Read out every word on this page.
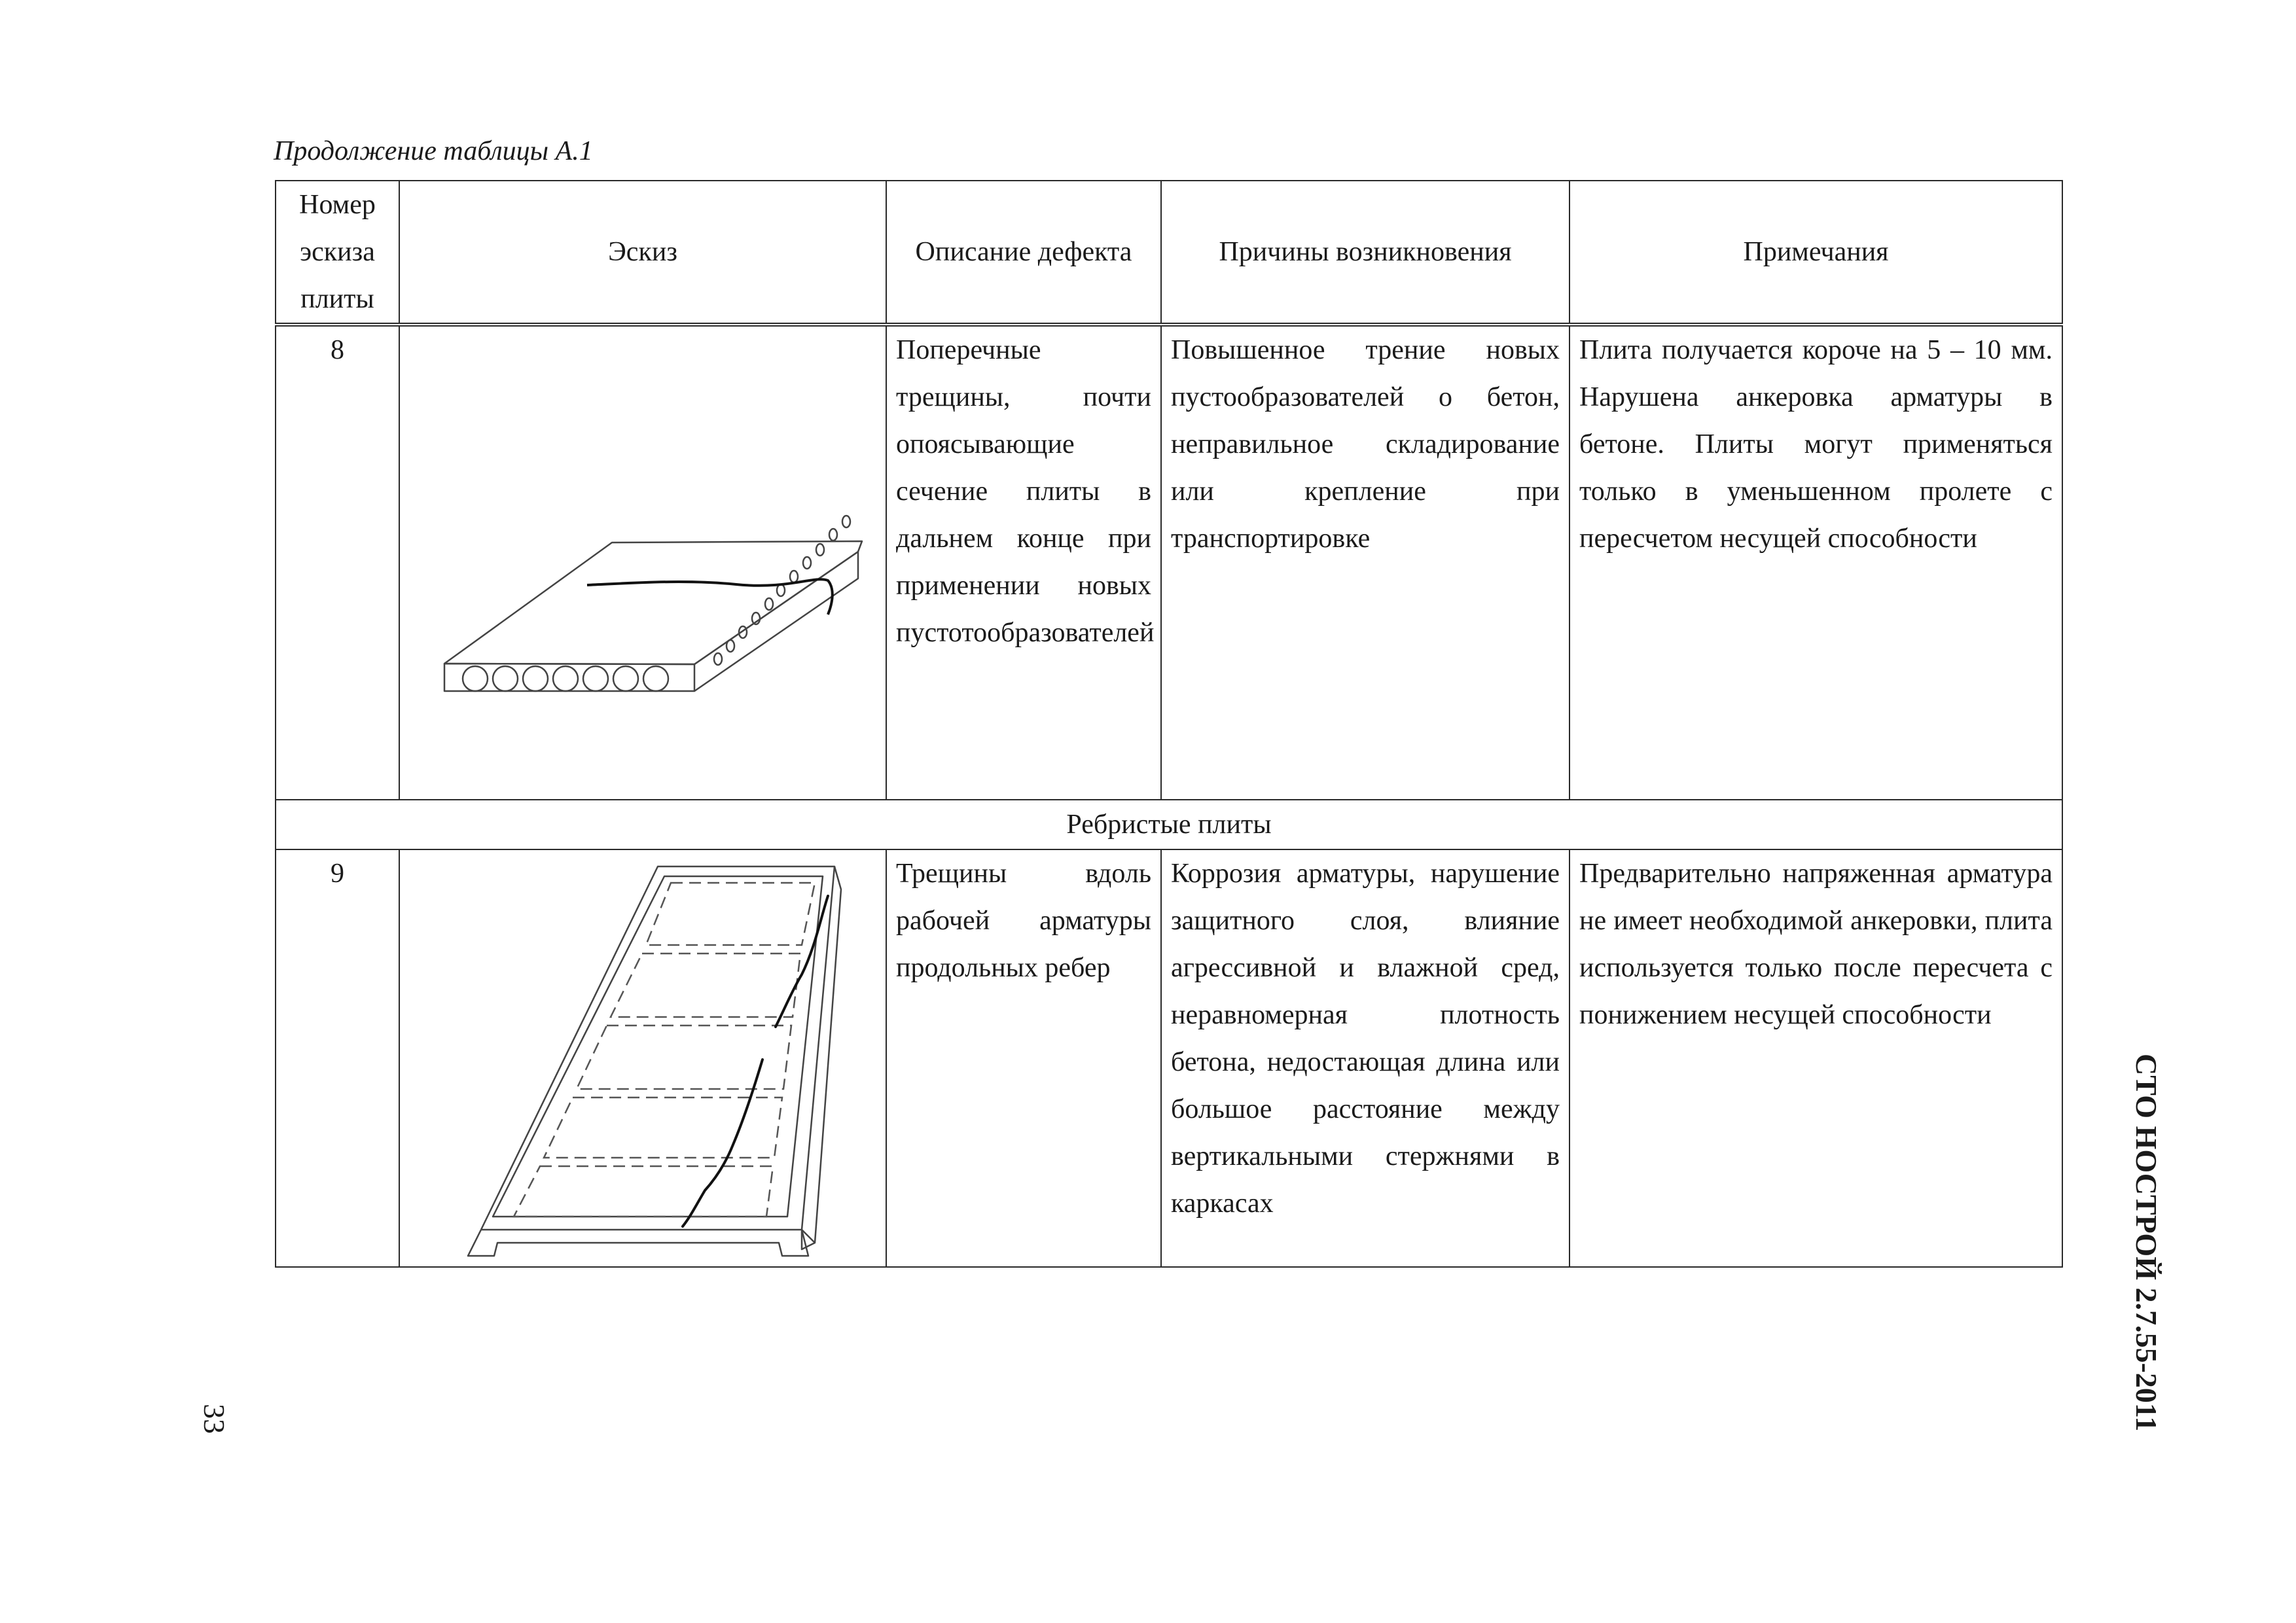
Продолжение таблицы А.1
Номер
эскиза
плиты	Эскиз	Описание дефекта	Причины возникновения	Примечания
8		Поперечные трещины, почти опоясывающие сечение плиты в дальнем конце при применении новых пустотообразователей	Повышенное трение новых пустообразователей о бетон, неправильное складирование или крепление при транспортировке	Плита получается короче на 5 – 10 мм. Нарушена анкеровка арматуры в бетоне. Плиты могут применяться только в уменьшенном пролете с пересчетом несущей способности
Ребристые плиты				
9		Трещины вдоль рабочей арматуры продольных ребер	Коррозия арматуры, нарушение защитного слоя, влияние агрессивной и влажной сред, неравномерная плотность бетона, недостающая длина или большое расстояние между вертикальными стержнями в каркасах	Предварительно напряженная арматура не имеет необходимой анкеровки, плита используется только после пересчета с понижением несущей способности
СТО НОСТРОЙ 2.7.55-2011
33
